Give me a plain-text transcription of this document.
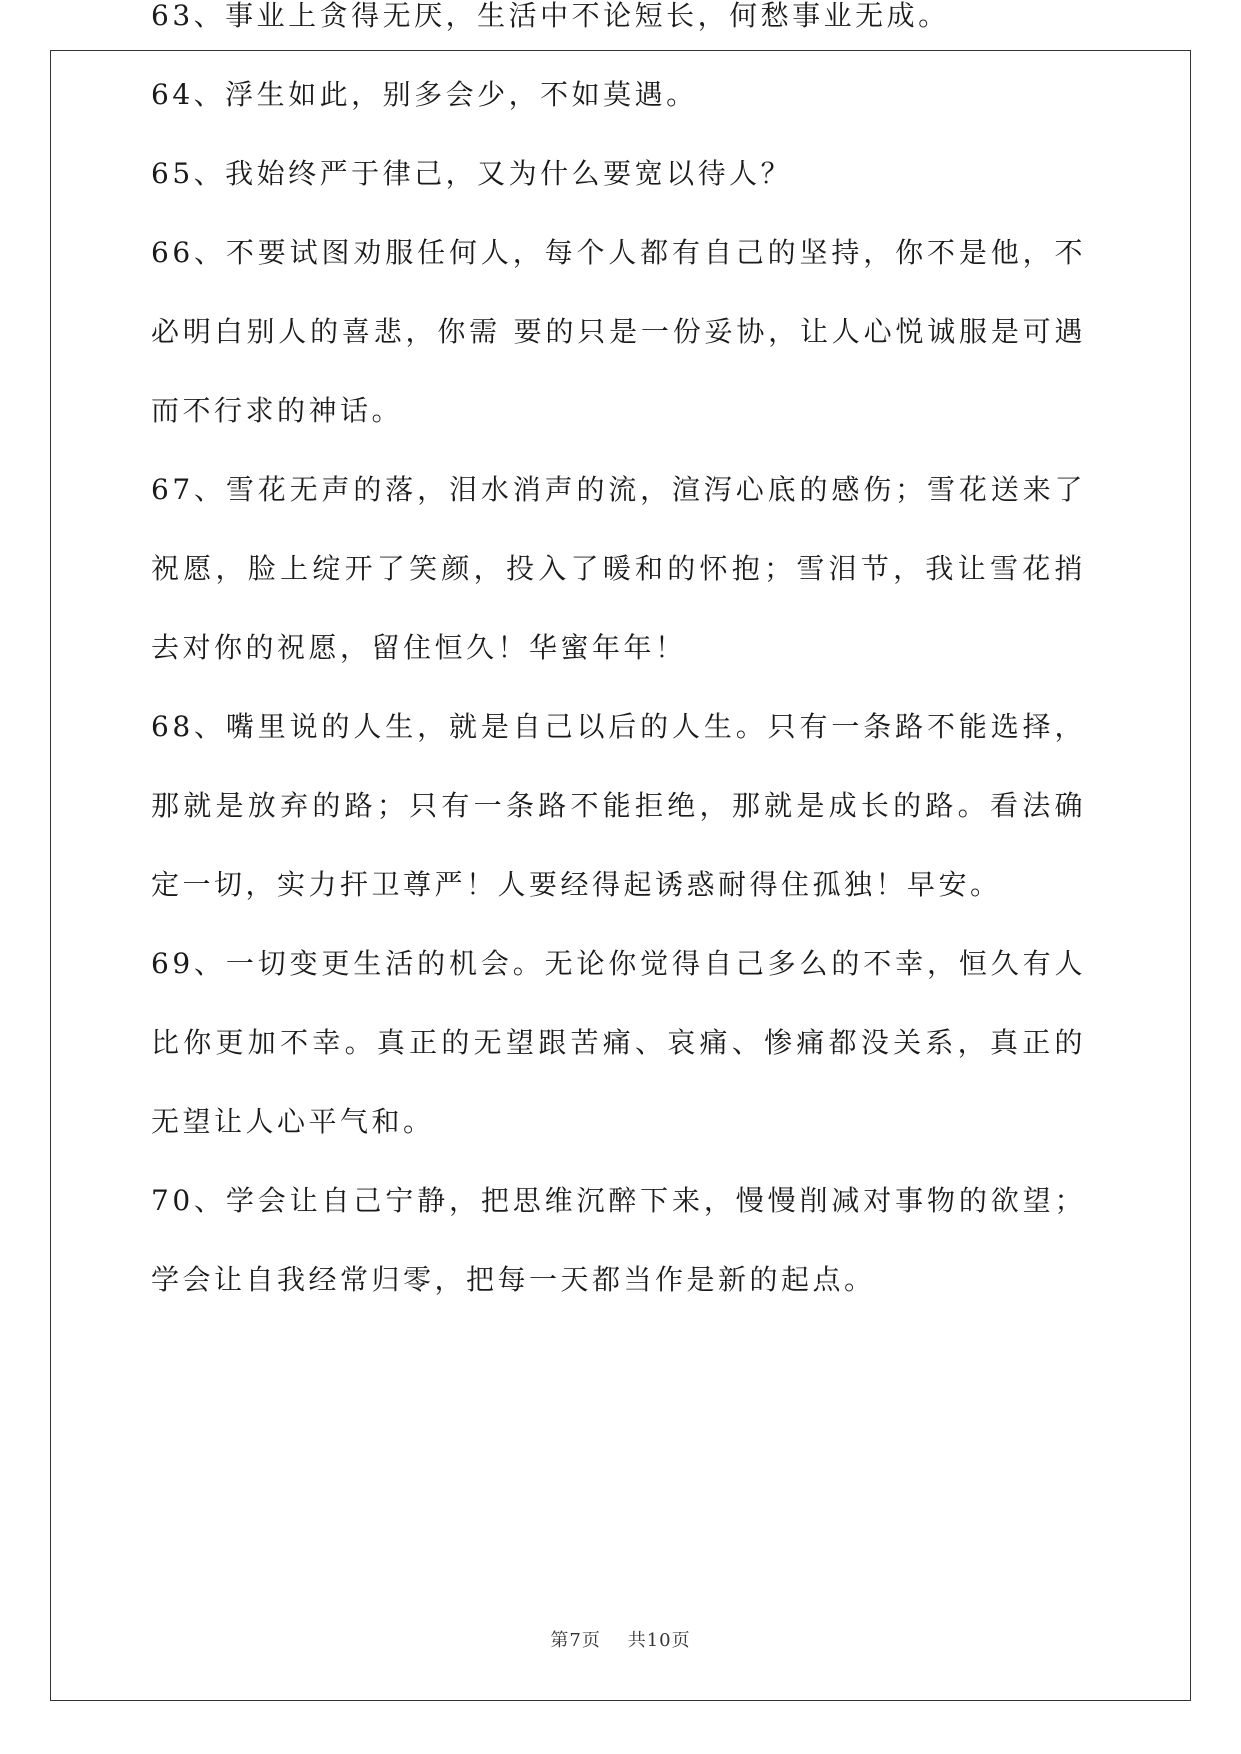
63、事业上贪得无厌，生活中不论短长，何愁事业无成。

64、浮生如此，别多会少，不如莫遇。

65、我始终严于律己，又为什么要宽以待人？

66、不要试图劝服任何人，每个人都有自己的坚持，你不是他，不必明白别人的喜悲，你需 要的只是一份妥协，让人心悦诚服是可遇而不行求的神话。

67、雪花无声的落，泪水消声的流，渲泻心底的感伤；雪花送来了祝愿，脸上绽开了笑颜，投入了暖和的怀抱；雪泪节，我让雪花捎去对你的祝愿，留住恒久！华蜜年年！

68、嘴里说的人生，就是自己以后的人生。只有一条路不能选择，那就是放弃的路；只有一条路不能拒绝，那就是成长的路。看法确定一切，实力扞卫尊严！人要经得起诱惑耐得住孤独！早安。

69、一切变更生活的机会。无论你觉得自己多么的不幸，恒久有人比你更加不幸。真正的无望跟苦痛、哀痛、惨痛都没关系，真正的无望让人心平气和。

70、学会让自己宁静，把思维沉醉下来，慢慢削减对事物的欲望；学会让自我经常归零，把每一天都当作是新的起点。

第7页 共10页
